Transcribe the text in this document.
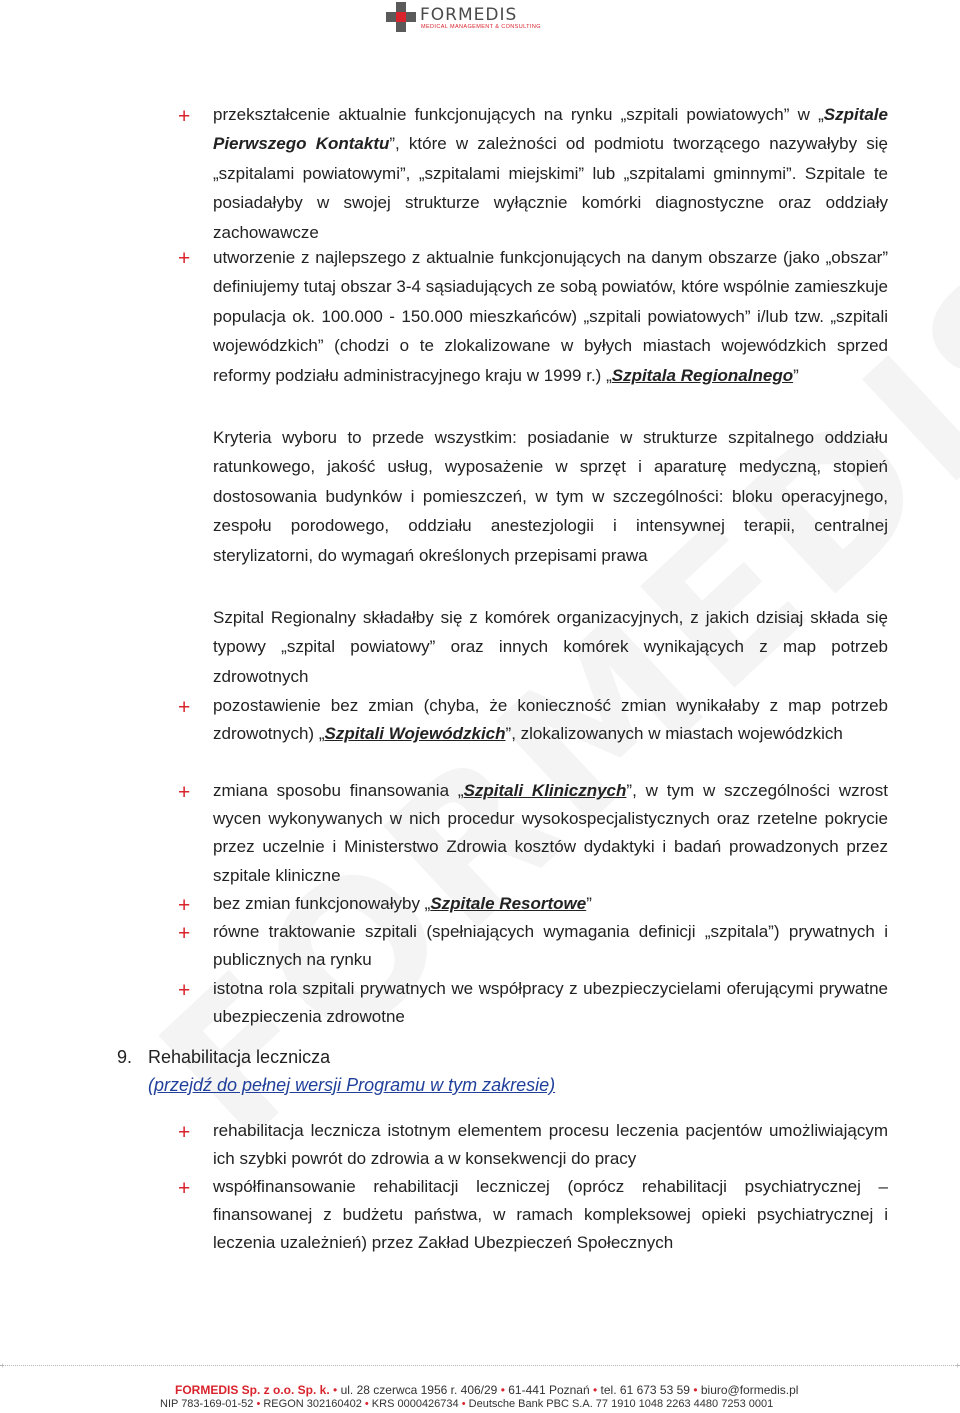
FORMEDIS
MEDICAL MANAGEMENT & CONSULTING
+ przekształcenie aktualnie funkcjonujących na rynku „szpitali powiatowych” w „Szpitale Pierwszego Kontaktu”, które w zależności od podmiotu tworzącego nazywałyby się „szpitalami powiatowymi”, „szpitalami miejskimi” lub „szpitalami gminnymi”. Szpitale te posiadałyby w swojej strukturze wyłącznie komórki diagnostyczne oraz oddziały zachowawcze
+ utworzenie z najlepszego z aktualnie funkcjonujących na danym obszarze (jako „obszar” definiujemy tutaj obszar 3-4 sąsiadujących ze sobą powiatów, które wspólnie zamieszkuje populacja ok. 100.000 - 150.000 mieszkańców) „szpitali powiatowych” i/lub tzw. „szpitali wojewódzkich” (chodzi o te zlokalizowane w byłych miastach wojewódzkich sprzed reformy podziału administracyjnego kraju w 1999 r.) „Szpitala Regionalnego”
Kryteria wyboru to przede wszystkim: posiadanie w strukturze szpitalnego oddziału ratunkowego, jakość usług, wyposażenie w sprzęt i aparaturę medyczną, stopień dostosowania budynków i pomieszczeń, w tym w szczególności: bloku operacyjnego, zespołu porodowego, oddziału anestezjologii i intensywnej terapii, centralnej sterylizatorni, do wymagań określonych przepisami prawa
Szpital Regionalny składałby się z komórek organizacyjnych, z jakich dzisiaj składa się typowy „szpital powiatowy” oraz innych komórek wynikających z map potrzeb zdrowotnych
+ pozostawienie bez zmian (chyba, że konieczność zmian wynikałaby z map potrzeb zdrowotnych) „Szpitali Wojewódzkich”, zlokalizowanych w miastach wojewódzkich
+ zmiana sposobu finansowania „Szpitali Klinicznych”, w tym w szczególności wzrost wycen wykonywanych w nich procedur wysokospecjalistycznych oraz rzetelne pokrycie przez uczelnie i Ministerstwo Zdrowia kosztów dydaktyki i badań prowadzonych przez szpitale kliniczne
+ bez zmian funkcjonowałyby „Szpitale Resortowe”
+ równe traktowanie szpitali (spełniających wymagania definicji „szpitala”) prywatnych i publicznych na rynku
+ istotna rola szpitali prywatnych we współpracy z ubezpieczycielami oferującymi prywatne ubezpieczenia zdrowotne
9. Rehabilitacja lecznicza
(przejdź do pełnej wersji Programu w tym zakresie)
+ rehabilitacja lecznicza istotnym elementem procesu leczenia pacjentów umożliwiającym ich szybki powrót do zdrowia a w konsekwencji do pracy
+ współfinansowanie rehabilitacji leczniczej (oprócz rehabilitacji psychiatrycznej – finansowanej z budżetu państwa, w ramach kompleksowej opieki psychiatrycznej i leczenia uzależnień) przez Zakład Ubezpieczeń Społecznych
+	+
FORMEDIS Sp. z o.o. Sp. k. • ul. 28 czerwca 1956 r. 406/29 • 61-441 Poznań • tel. 61 673 53 59 • biuro@formedis.pl
NIP 783-169-01-52 • REGON 302160402 • KRS 0000426734 • Deutsche Bank PBC S.A. 77 1910 1048 2263 4480 7253 0001
